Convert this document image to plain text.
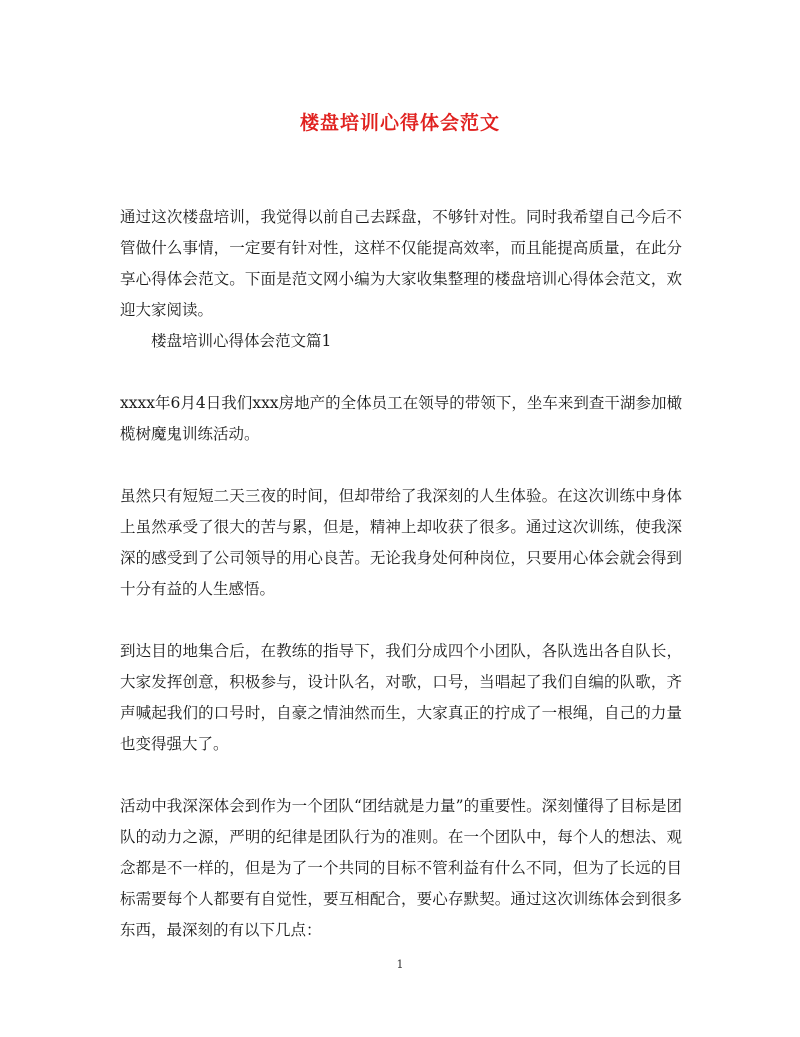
楼盘培训心得体会范文

通过这次楼盘培训，我觉得以前自己去踩盘，不够针对性。同时我希望自己今后不管做什么事情，一定要有针对性，这样不仅能提高效率，而且能提高质量，在此分享心得体会范文。下面是范文网小编为大家收集整理的楼盘培训心得体会范文，欢迎大家阅读。

楼盘培训心得体会范文篇1

xxxx年6月4日我们xxx房地产的全体员工在领导的带领下，坐车来到查干湖参加橄榄树魔鬼训练活动。

虽然只有短短二天三夜的时间，但却带给了我深刻的人生体验。在这次训练中身体上虽然承受了很大的苦与累，但是，精神上却收获了很多。通过这次训练，使我深深的感受到了公司领导的用心良苦。无论我身处何种岗位，只要用心体会就会得到十分有益的人生感悟。

到达目的地集合后，在教练的指导下，我们分成四个小团队，各队选出各自队长，大家发挥创意，积极参与，设计队名，对歌，口号，当唱起了我们自编的队歌，齐声喊起我们的口号时，自豪之情油然而生，大家真正的拧成了一根绳，自己的力量也变得强大了。

活动中我深深体会到作为一个团队“团结就是力量”的重要性。深刻懂得了目标是团队的动力之源，严明的纪律是团队行为的准则。在一个团队中，每个人的想法、观念都是不一样的，但是为了一个共同的目标不管利益有什么不同，但为了长远的目标需要每个人都要有自觉性，要互相配合，要心存默契。通过这次训练体会到很多东西，最深刻的有以下几点：

1
